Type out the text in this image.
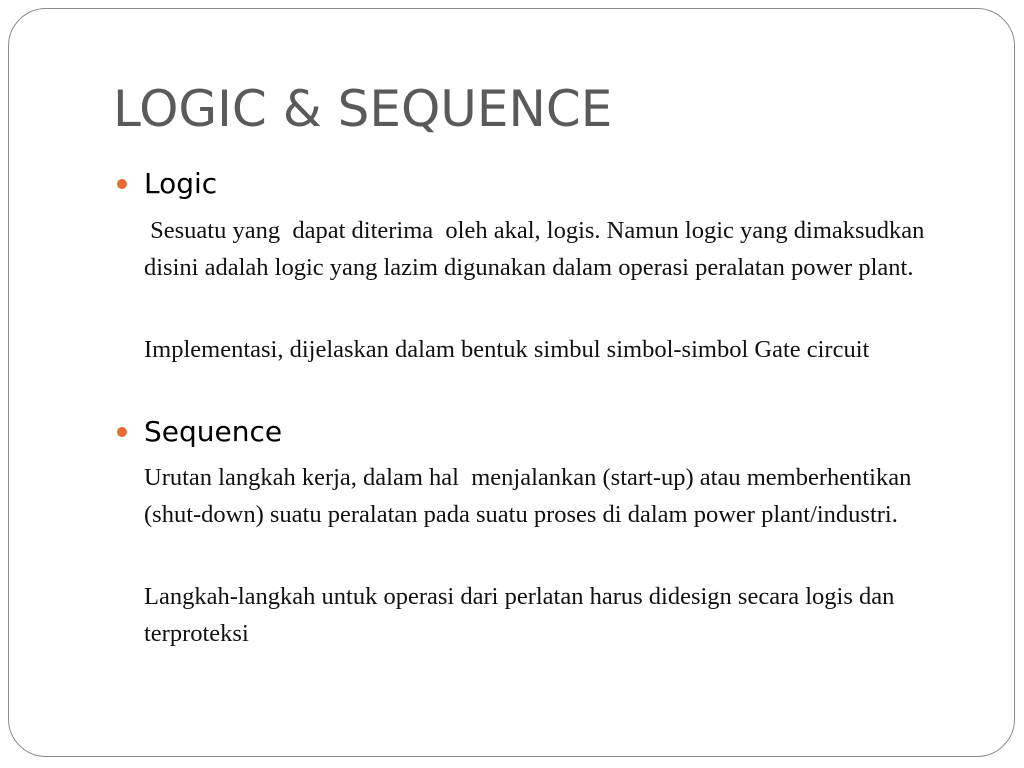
LOGIC & SEQUENCE
Logic

Sesuatu yang  dapat diterima  oleh akal, logis. Namun logic yang dimaksudkan disini adalah logic yang lazim digunakan dalam operasi peralatan power plant.

Implementasi, dijelaskan dalam bentuk simbul simbol-simbol Gate circuit

Sequence

Urutan langkah kerja, dalam hal  menjalankan (start-up) atau memberhentikan (shut-down) suatu peralatan pada suatu proses di dalam power plant/industri.

Langkah-langkah untuk operasi dari perlatan harus didesign secara logis dan terproteksi
